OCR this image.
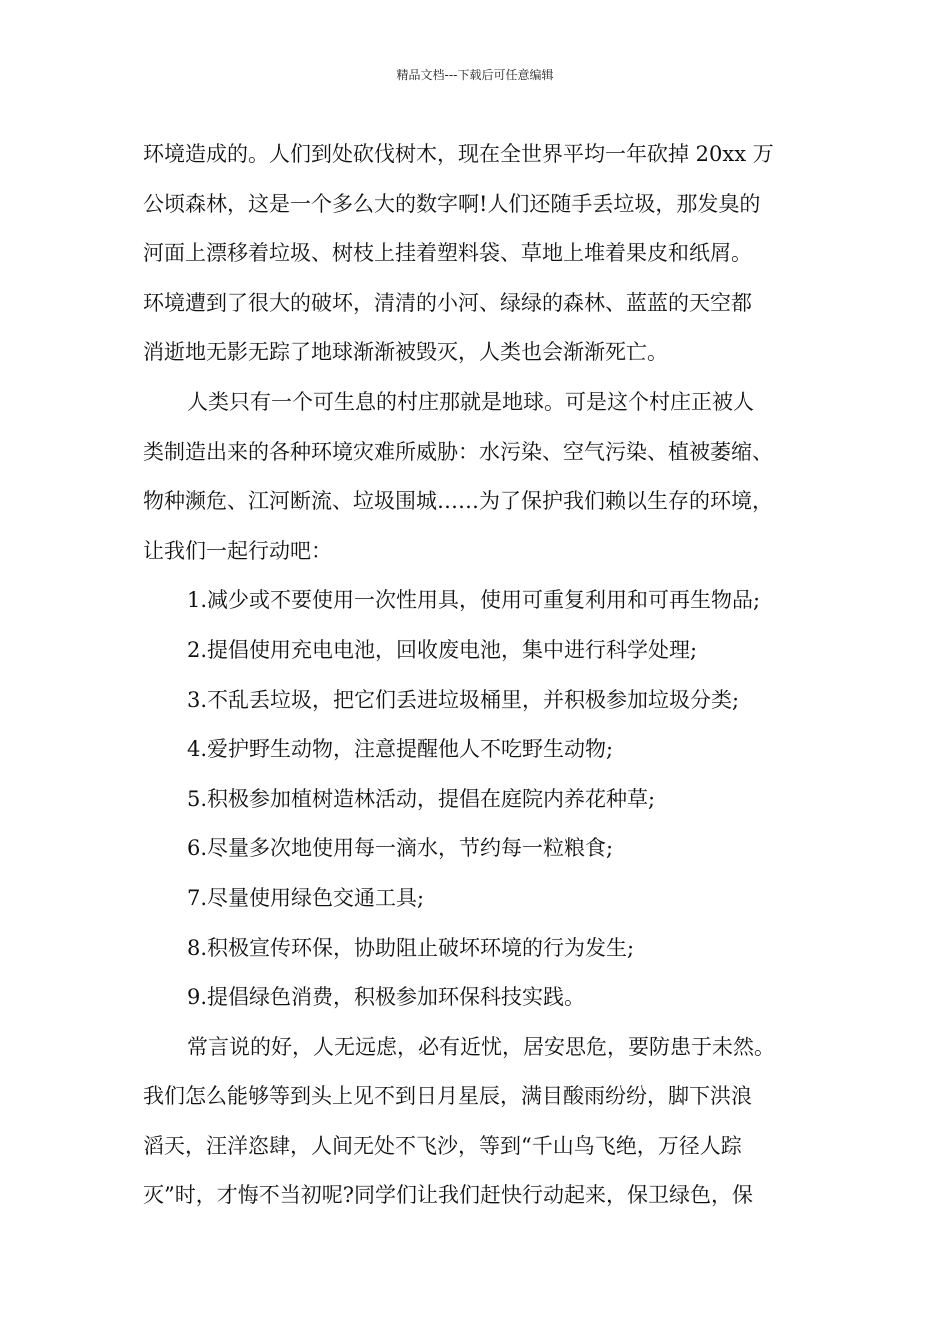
精品文档---下载后可任意编辑
环境造成的。人们到处砍伐树木，现在全世界平均一年砍掉 20xx 万
公顷森林，这是一个多么大的数字啊!人们还随手丢垃圾，那发臭的
河面上漂移着垃圾、树枝上挂着塑料袋、草地上堆着果皮和纸屑。
环境遭到了很大的破坏，清清的小河、绿绿的森林、蓝蓝的天空都
消逝地无影无踪了地球渐渐被毁灭，人类也会渐渐死亡。
人类只有一个可生息的村庄那就是地球。可是这个村庄正被人
类制造出来的各种环境灾难所威胁：水污染、空气污染、植被萎缩、
物种濒危、江河断流、垃圾围城……为了保护我们赖以生存的环境，
让我们一起行动吧：
1.减少或不要使用一次性用具，使用可重复利用和可再生物品;
2.提倡使用充电电池，回收废电池，集中进行科学处理;
3.不乱丢垃圾，把它们丢进垃圾桶里，并积极参加垃圾分类;
4.爱护野生动物，注意提醒他人不吃野生动物;
5.积极参加植树造林活动，提倡在庭院内养花种草;
6.尽量多次地使用每一滴水，节约每一粒粮食;
7.尽量使用绿色交通工具;
8.积极宣传环保，协助阻止破坏环境的行为发生;
9.提倡绿色消费，积极参加环保科技实践。
常言说的好，人无远虑，必有近忧，居安思危，要防患于未然。
我们怎么能够等到头上见不到日月星辰，满目酸雨纷纷，脚下洪浪
滔天，汪洋恣肆，人间无处不飞沙，等到“千山鸟飞绝，万径人踪
灭”时，才悔不当初呢?同学们让我们赶快行动起来，保卫绿色，保
